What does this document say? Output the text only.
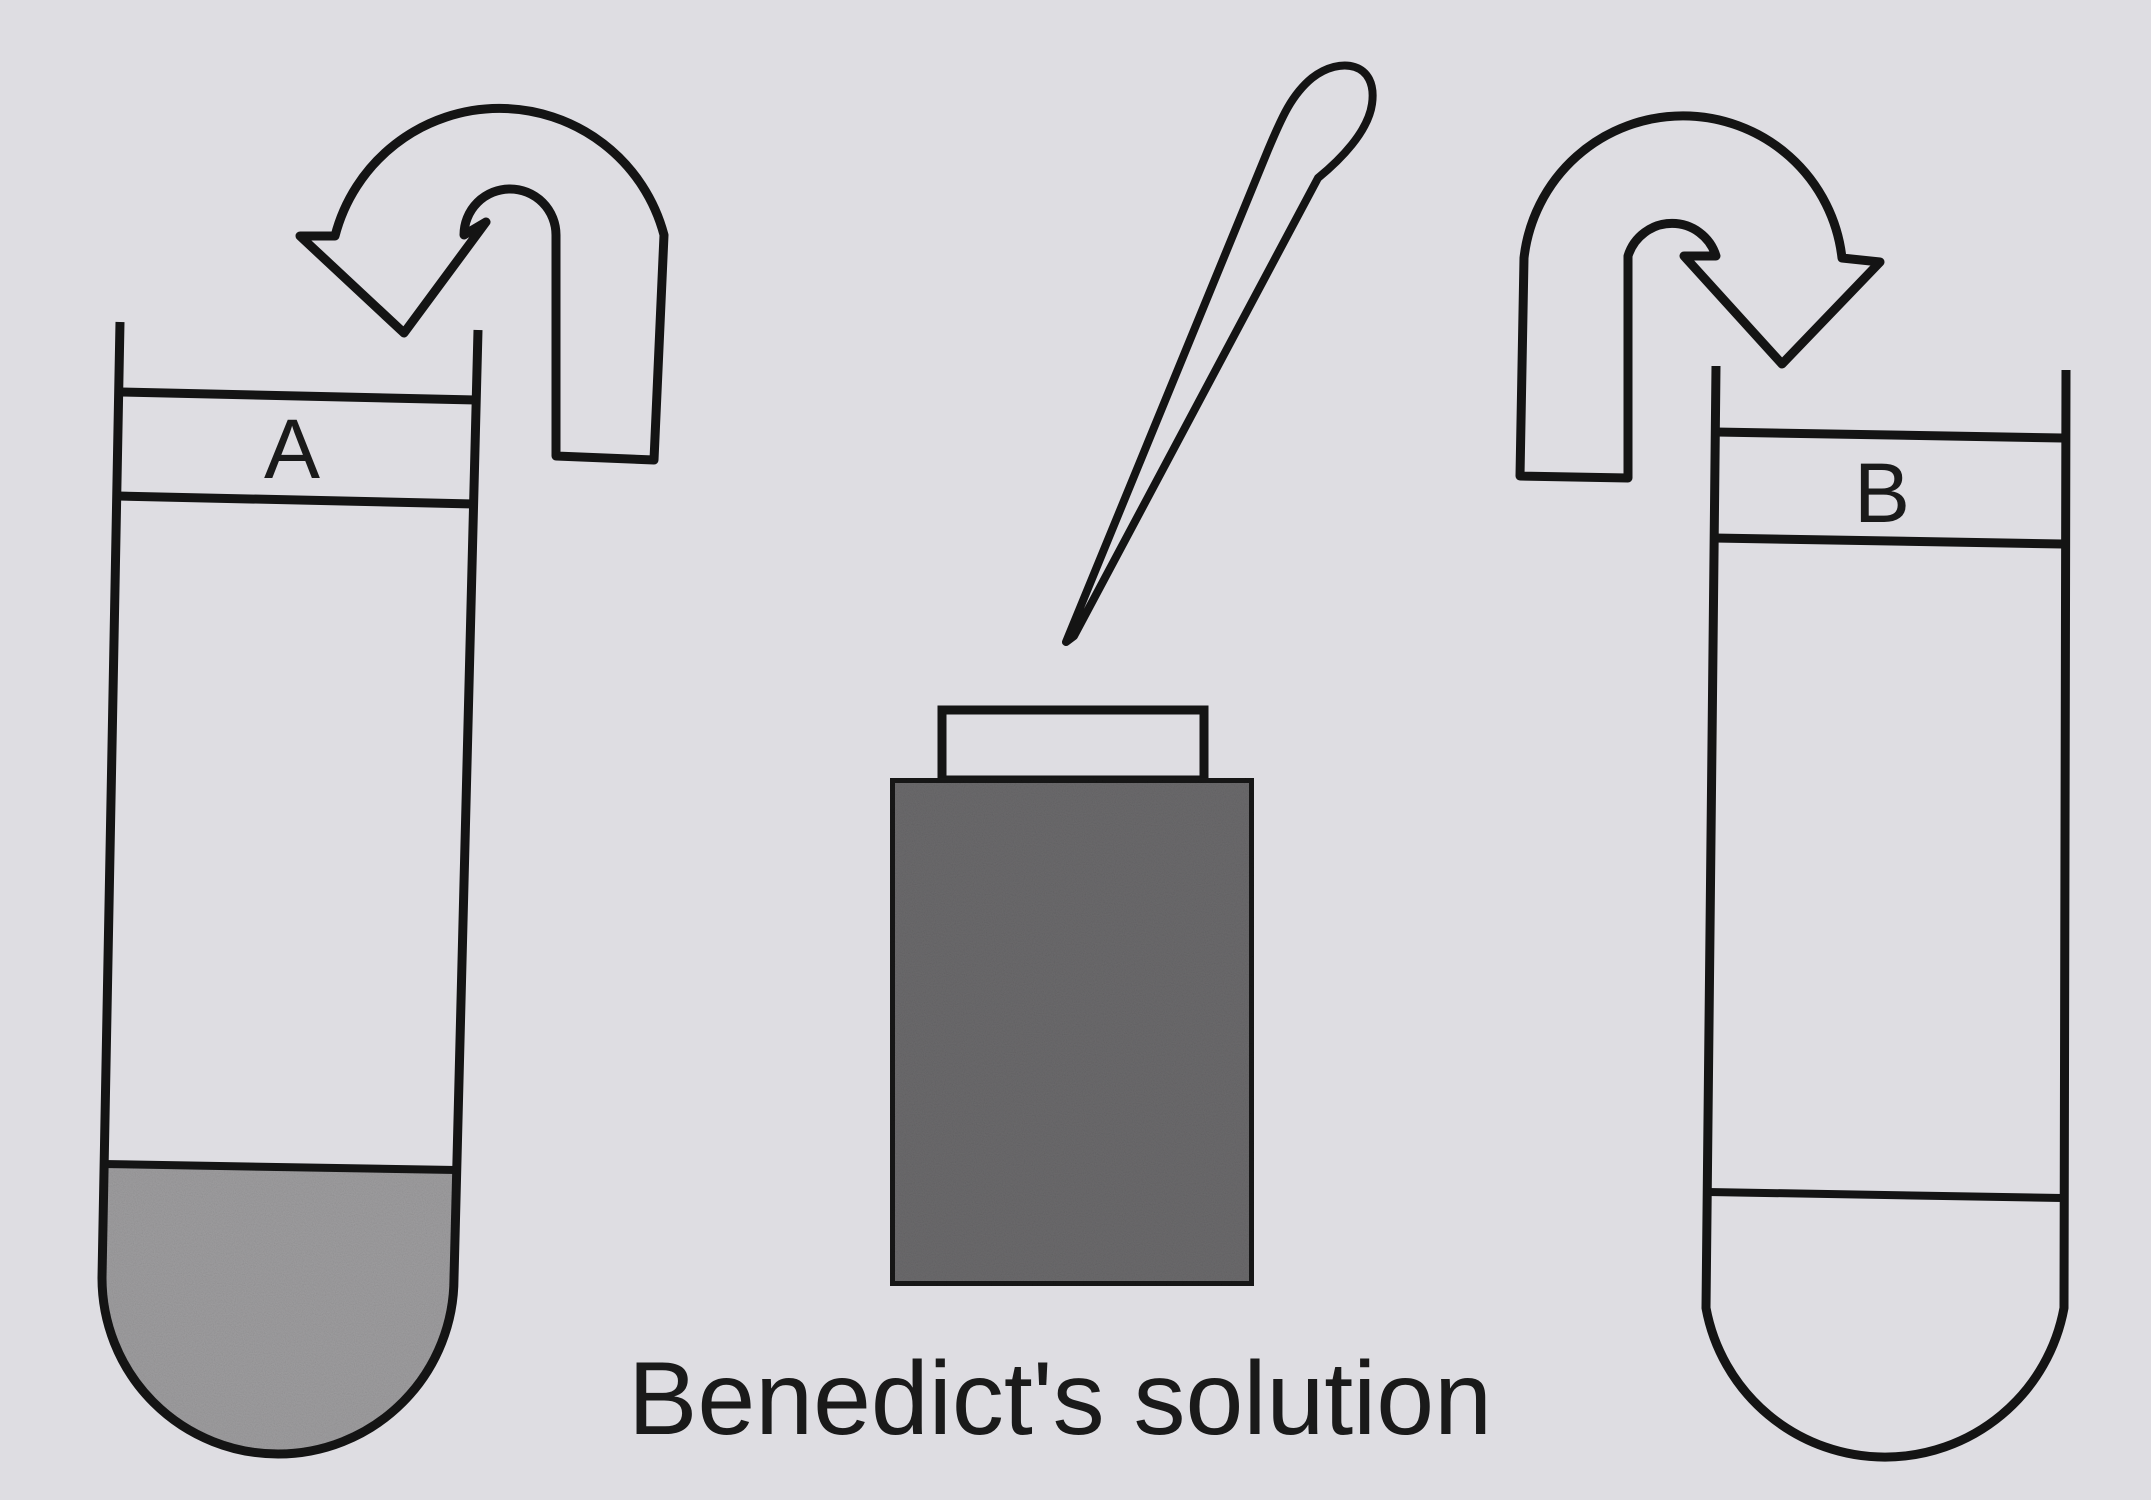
A
Benedict's solution
B
